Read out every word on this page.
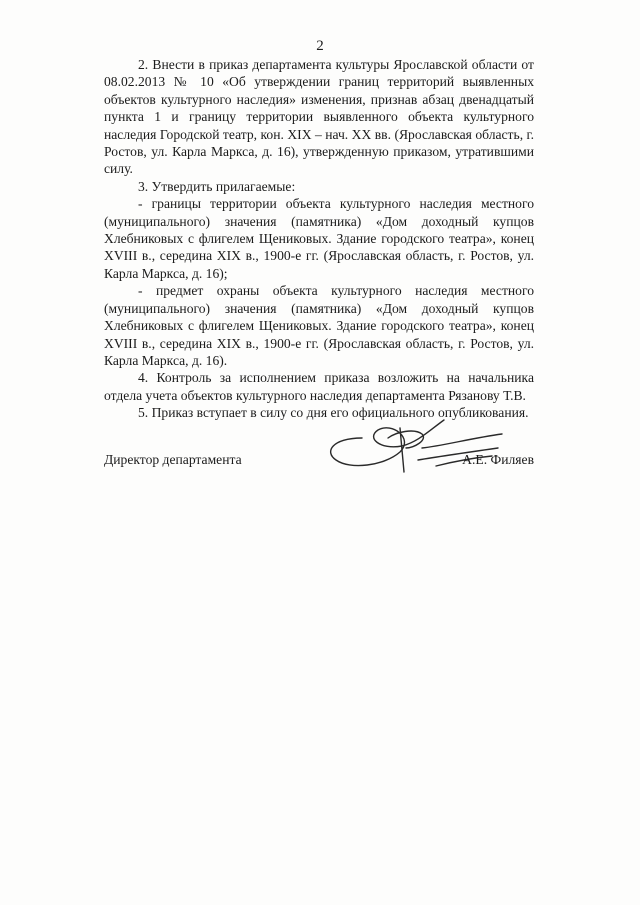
2

2. Внести в приказ департамента культуры Ярославской области от 08.02.2013 № 10 «Об утверждении границ территорий выявленных объектов культурного наследия» изменения, признав абзац двенадцатый пункта 1 и границу территории выявленного объекта культурного наследия Городской театр, кон. XIX – нач. XX вв. (Ярославская область, г. Ростов, ул. Карла Маркса, д. 16), утвержденную приказом, утратившими силу.

3. Утвердить прилагаемые:

- границы территории объекта культурного наследия местного (муниципального) значения (памятника) «Дом доходный купцов Хлебниковых с флигелем Щениковых. Здание городского театра», конец XVIII в., середина XIX в., 1900-е гг. (Ярославская область, г. Ростов, ул. Карла Маркса, д. 16);

- предмет охраны объекта культурного наследия местного (муниципального) значения (памятника) «Дом доходный купцов Хлебниковых с флигелем Щениковых. Здание городского театра», конец XVIII в., середина XIX в., 1900-е гг. (Ярославская область, г. Ростов, ул. Карла Маркса, д. 16).

4. Контроль за исполнением приказа возложить на начальника отдела учета объектов культурного наследия департамента Рязанову Т.В.

5. Приказ вступает в силу со дня его официального опубликования.

Директор департамента	А.Е. Филяев
